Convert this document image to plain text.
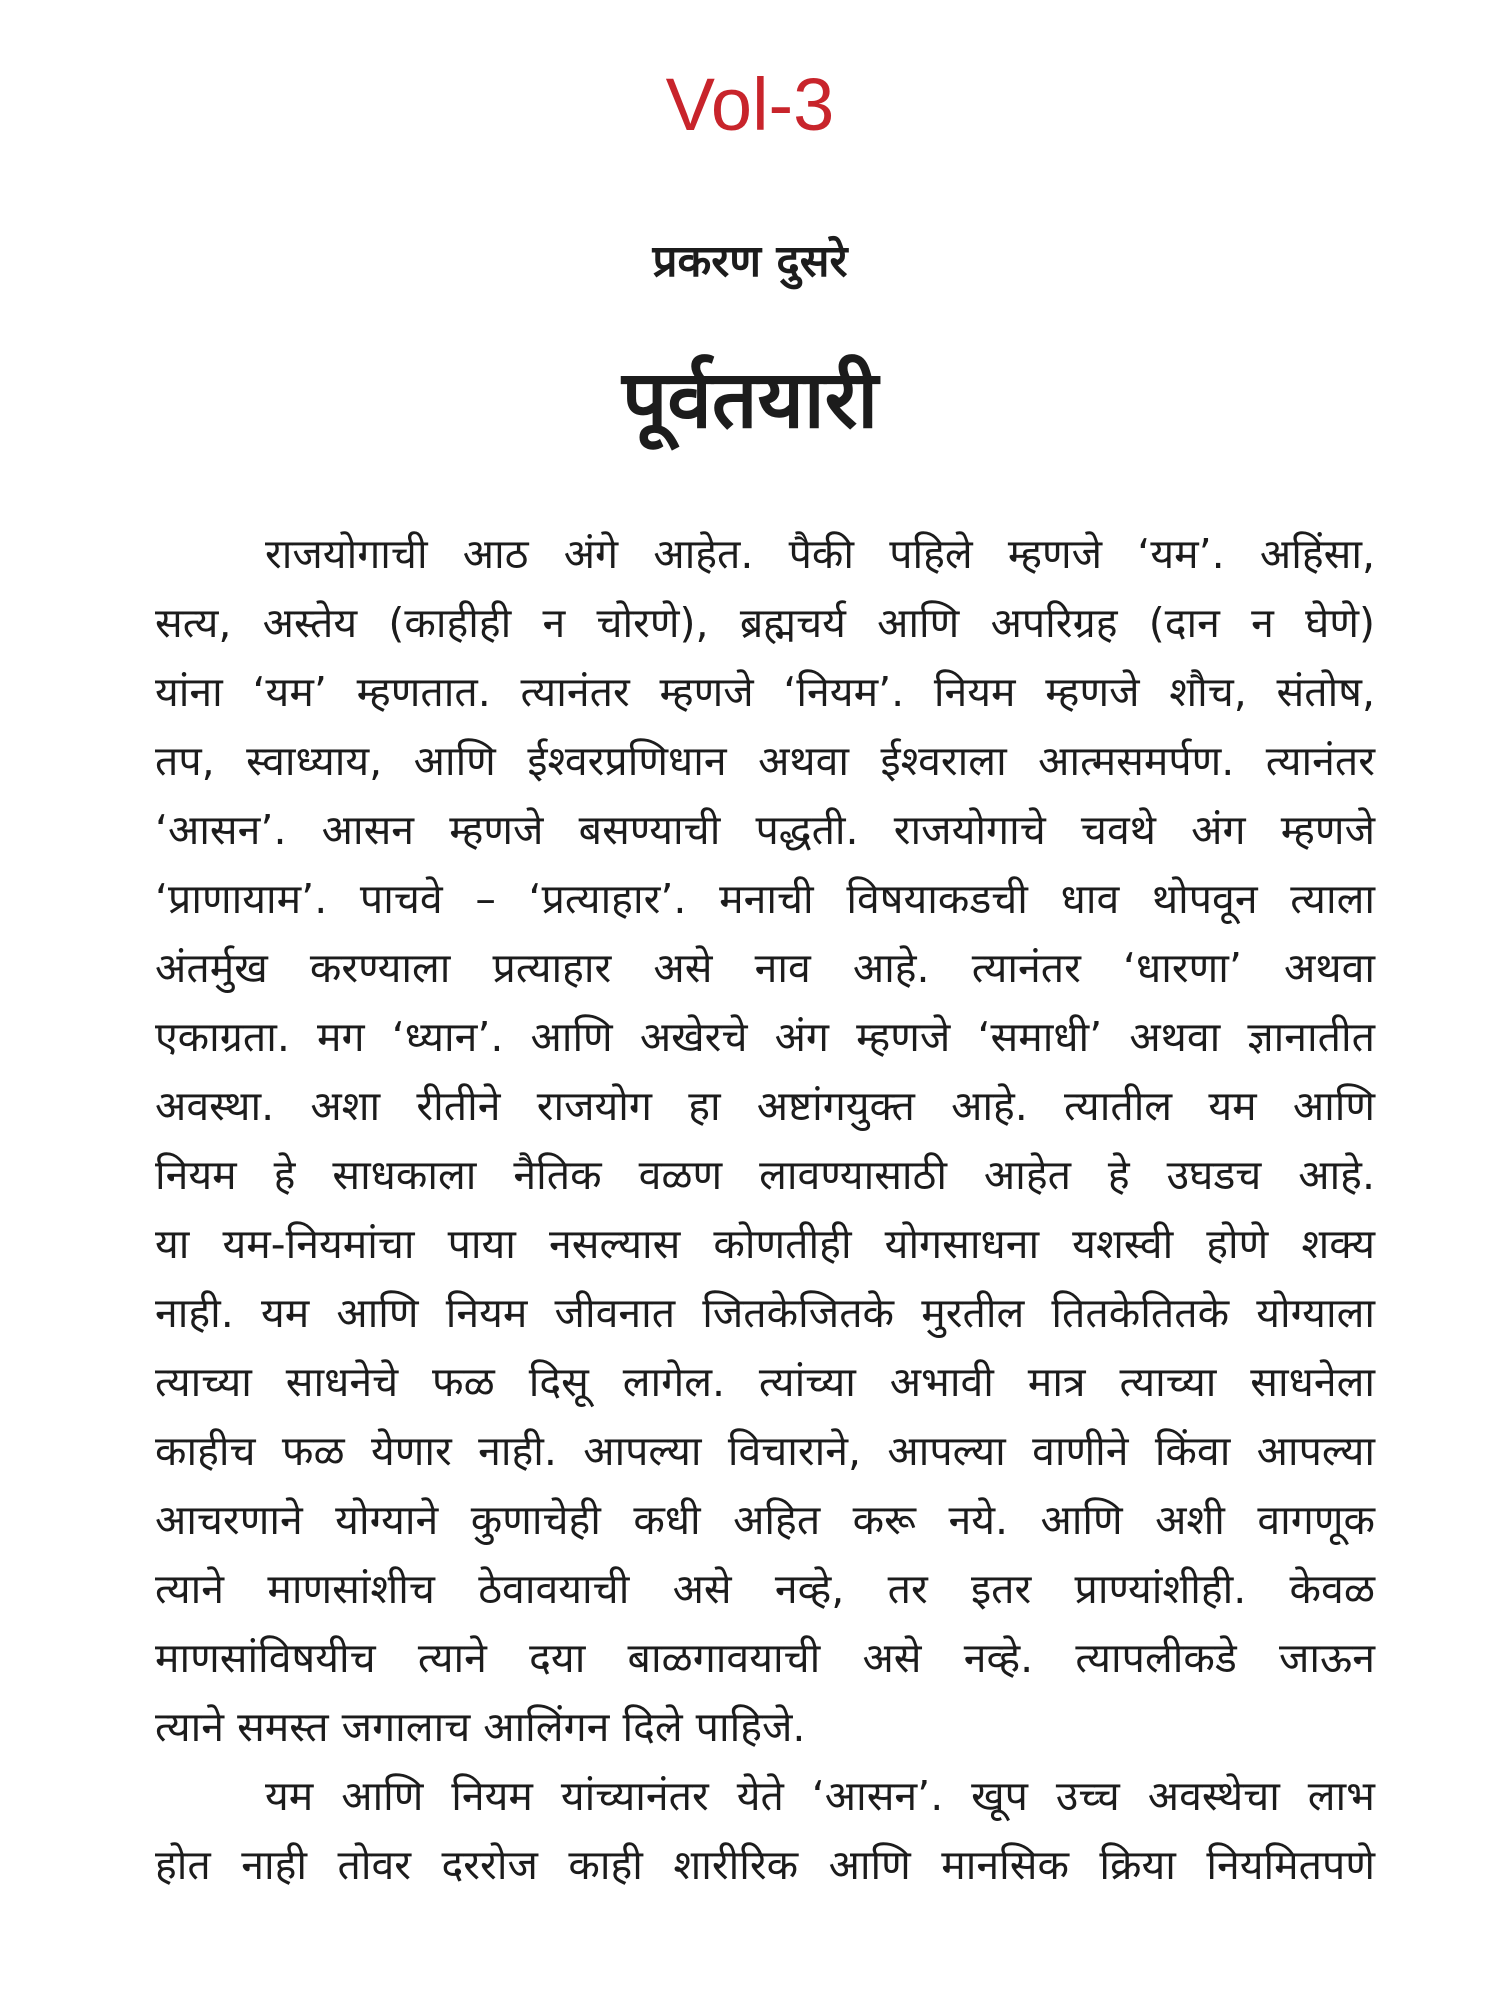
Vol-3
प्रकरण दुसरे
पूर्वतयारी
राजयोगाची आठ अंगे आहेत. पैकी पहिले म्हणजे ‘यम’. अहिंसा,
सत्य, अस्तेय (काहीही न चोरणे), ब्रह्मचर्य आणि अपरिग्रह (दान न घेणे)
यांना ‘यम’ म्हणतात. त्यानंतर म्हणजे ‘नियम’. नियम म्हणजे शौच, संतोष,
तप, स्वाध्याय, आणि ईश्वरप्रणिधान अथवा ईश्वराला आत्मसमर्पण. त्यानंतर
‘आसन’. आसन म्हणजे बसण्याची पद्धती. राजयोगाचे चवथे अंग म्हणजे
‘प्राणायाम’. पाचवे – ‘प्रत्याहार’. मनाची विषयाकडची धाव थोपवून त्याला
अंतर्मुख करण्याला प्रत्याहार असे नाव आहे. त्यानंतर ‘धारणा’ अथवा
एकाग्रता. मग ‘ध्यान’. आणि अखेरचे अंग म्हणजे ‘समाधी’ अथवा ज्ञानातीत
अवस्था. अशा रीतीने राजयोग हा अष्टांगयुक्त आहे. त्यातील यम आणि
नियम हे साधकाला नैतिक वळण लावण्यासाठी आहेत हे उघडच आहे.
या यम-नियमांचा पाया नसल्यास कोणतीही योगसाधना यशस्वी होणे शक्य
नाही. यम आणि नियम जीवनात जितकेजितके मुरतील तितकेतितके योग्याला
त्याच्या साधनेचे फळ दिसू लागेल. त्यांच्या अभावी मात्र त्याच्या साधनेला
काहीच फळ येणार नाही. आपल्या विचाराने, आपल्या वाणीने किंवा आपल्या
आचरणाने योग्याने कुणाचेही कधी अहित करू नये. आणि अशी वागणूक
त्याने माणसांशीच ठेवावयाची असे नव्हे, तर इतर प्राण्यांशीही. केवळ
माणसांविषयीच त्याने दया बाळगावयाची असे नव्हे. त्यापलीकडे जाऊन
त्याने समस्त जगालाच आलिंगन दिले पाहिजे.
यम आणि नियम यांच्यानंतर येते ‘आसन’. खूप उच्च अवस्थेचा लाभ
होत नाही तोवर दररोज काही शारीरिक आणि मानसिक क्रिया नियमितपणे
